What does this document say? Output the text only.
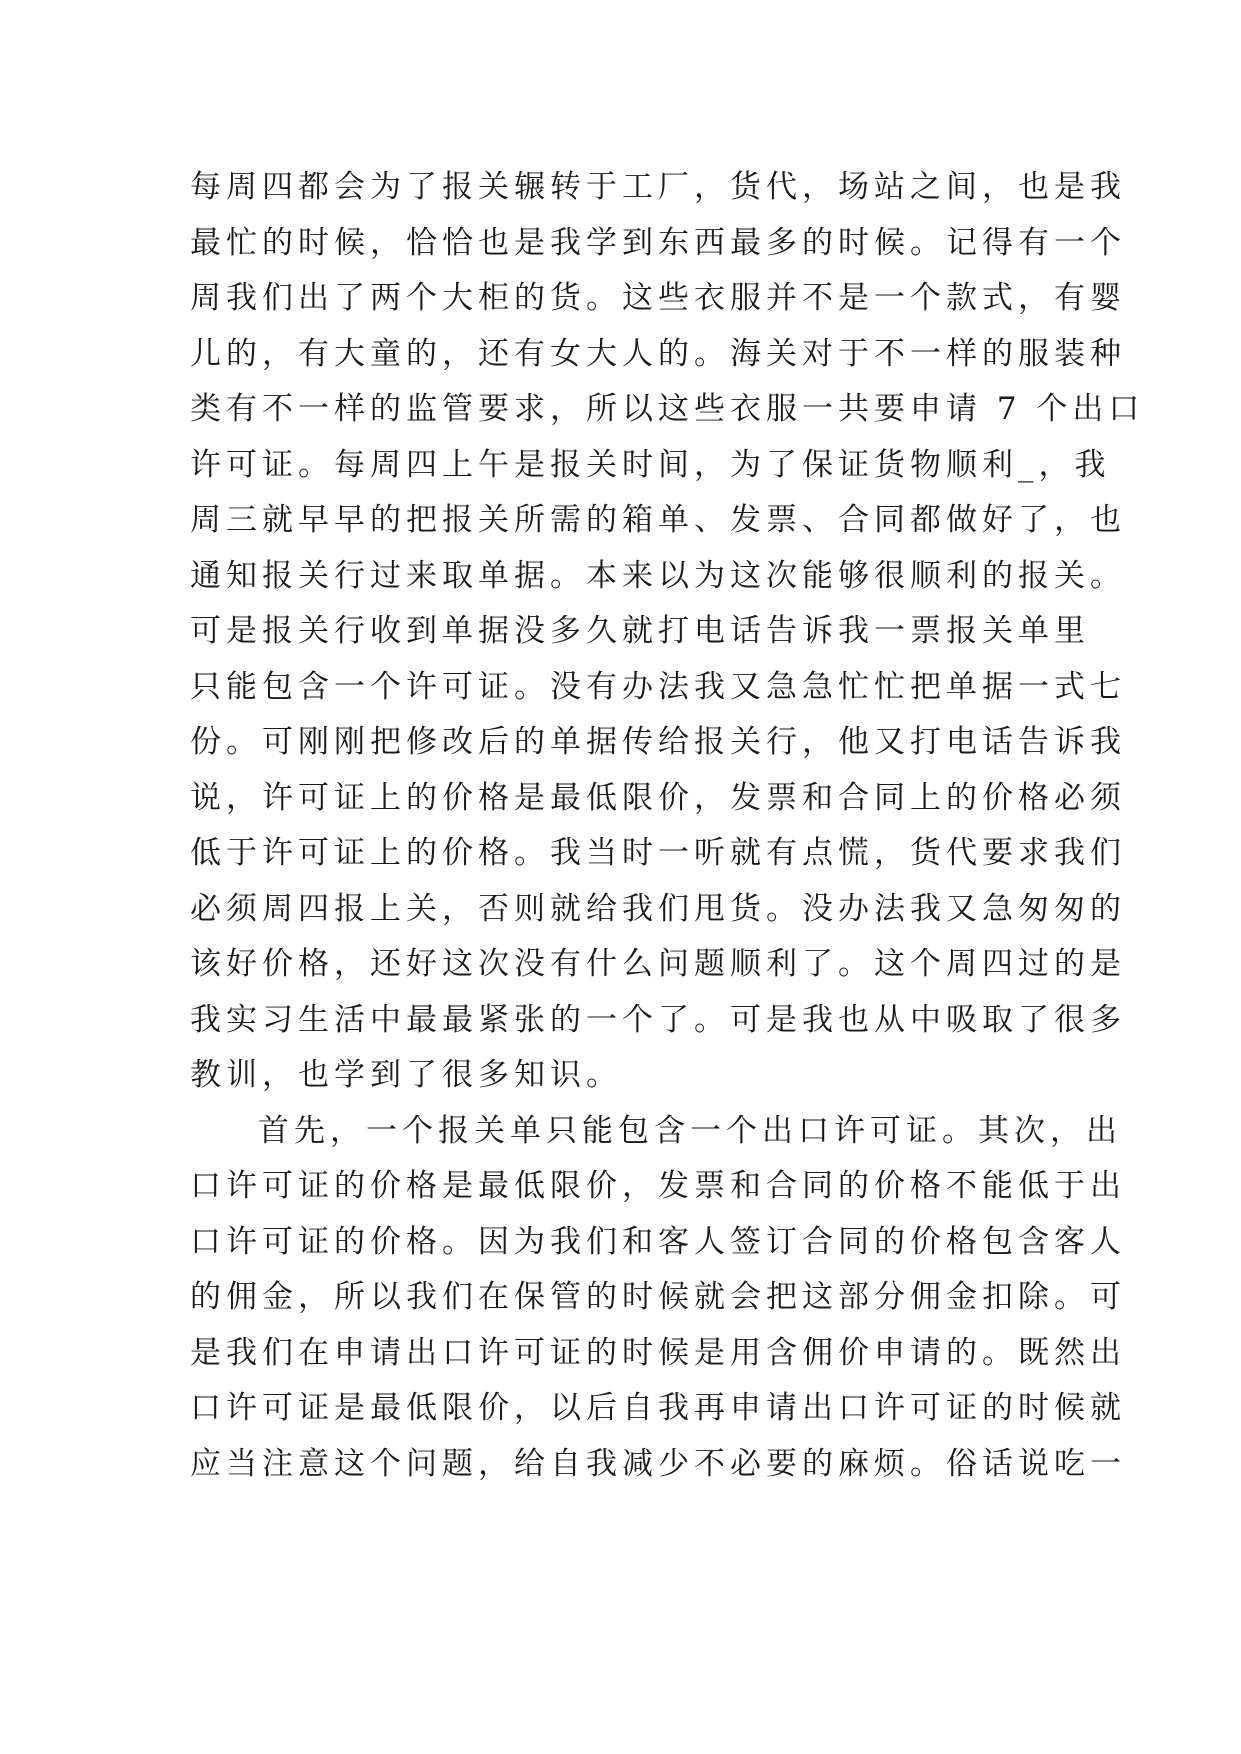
每周四都会为了报关辗转于工厂，货代，场站之间，也是我
最忙的时候，恰恰也是我学到东西最多的时候。记得有一个
周我们出了两个大柜的货。这些衣服并不是一个款式，有婴
儿的，有大童的，还有女大人的。海关对于不一样的服装种
类有不一样的监管要求，所以这些衣服一共要申请 7 个出口
许可证。每周四上午是报关时间，为了保证货物顺利_，我
周三就早早的把报关所需的箱单、发票、合同都做好了，也
通知报关行过来取单据。本来以为这次能够很顺利的报关。
可是报关行收到单据没多久就打电话告诉我一票报关单里
只能包含一个许可证。没有办法我又急急忙忙把单据一式七
份。可刚刚把修改后的单据传给报关行，他又打电话告诉我
说，许可证上的价格是最低限价，发票和合同上的价格必须
低于许可证上的价格。我当时一听就有点慌，货代要求我们
必须周四报上关，否则就给我们甩货。没办法我又急匆匆的
该好价格，还好这次没有什么问题顺利了。这个周四过的是
我实习生活中最最紧张的一个了。可是我也从中吸取了很多
教训，也学到了很多知识。
首先，一个报关单只能包含一个出口许可证。其次，出
口许可证的价格是最低限价，发票和合同的价格不能低于出
口许可证的价格。因为我们和客人签订合同的价格包含客人
的佣金，所以我们在保管的时候就会把这部分佣金扣除。可
是我们在申请出口许可证的时候是用含佣价申请的。既然出
口许可证是最低限价，以后自我再申请出口许可证的时候就
应当注意这个问题，给自我减少不必要的麻烦。俗话说吃一
